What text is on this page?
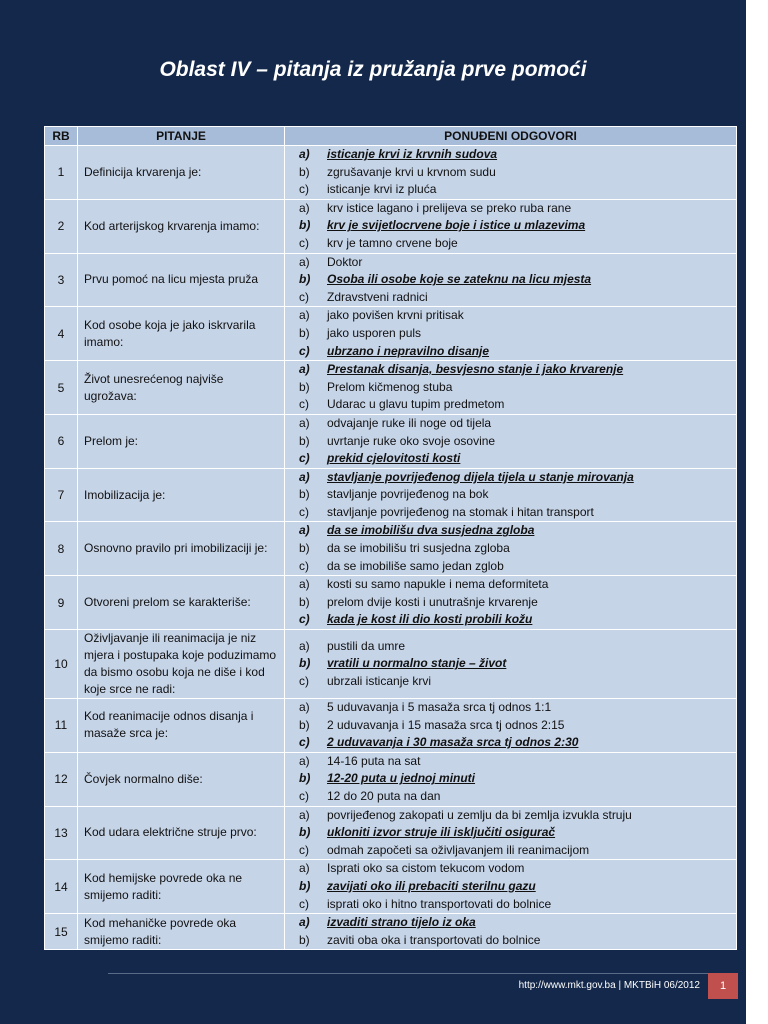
Oblast IV – pitanja iz pružanja prve pomoći
RB	PITANJE	PONUĐENI ODGOVORI
1	Definicija krvarenja je:	a) isticanje krvi iz krvnih sudova
b) zgrušavanje krvi u krvnom sudu
c) isticanje krvi iz pluća

2	Kod arterijskog krvarenja imamo:	a) krv istice lagano i prelijeva se preko ruba rane
b) krv je svijetlocrvene boje i istice u mlazevima
c) krv je tamno crvene boje

3	Prvu pomoć na licu mjesta pruža	a) Doktor
b) Osoba ili osobe koje se zateknu na licu mjesta
c) Zdravstveni radnici

4	Kod osobe koja je jako iskrvarila imamo:	a) jako povišen krvni pritisak
b) jako usporen puls
c) ubrzano i nepravilno disanje

5	Život unesrećenog najviše ugrožava:	a) Prestanak disanja, besvjesno stanje i jako krvarenje
b) Prelom kičmenog stuba
c) Udarac u glavu tupim predmetom

6	Prelom je:	a) odvajanje ruke ili noge od tijela
b) uvrtanje ruke oko svoje osovine
c) prekid cjelovitosti kosti

7	Imobilizacija je:	a) stavljanje povrijeđenog dijela tijela u stanje mirovanja
b) stavljanje povrijeđenog na bok
c) stavljanje povrijeđenog na stomak i hitan transport

8	Osnovno pravilo pri imobilizaciji je:	a) da se imobilišu dva susjedna zgloba
b) da se imobilišu tri susjedna zgloba
c) da se imobiliše samo jedan zglob

9	Otvoreni prelom se karakteriše:	a) kosti su samo napukle i nema deformiteta
b) prelom dvije kosti i unutrašnje krvarenje
c) kada je kost ili dio kosti probili kožu

10	Oživljavanje ili reanimacija je niz mjera i postupaka koje poduzimamo da bismo osobu koja ne diše i kod koje srce ne radi:	a) pustili da umre
b) vratili u normalno stanje – život
c) ubrzali isticanje krvi

11	Kod reanimacije odnos disanja i masaže srca je:	a) 5 uduvavanja i 5 masaža srca tj odnos 1:1
b) 2 uduvavanja i 15 masaža srca tj odnos 2:15
c) 2 uduvavanja i 30 masaža srca tj odnos 2:30

12	Čovjek normalno diše:	a) 14-16 puta na sat
b) 12-20 puta u jednoj minuti
c) 12 do 20 puta na dan

13	Kod udara električne struje prvo:	a) povrijeđenog zakopati u zemlju da bi zemlja izvukla struju
b) ukloniti izvor struje ili isključiti osigurač
c) odmah započeti sa oživljavanjem ili reanimacijom

14	Kod hemijske povrede oka ne smijemo raditi:	a) Isprati oko sa cistom tekucom vodom
b) zavijati oko ili prebaciti sterilnu gazu
c) isprati oko i hitno transportovati do bolnice

15	Kod mehaničke povrede oka smijemo raditi:	a) izvaditi strano tijelo iz oka
b) zaviti oba oka i transportovati do bolnice
http://www.mkt.gov.ba | MKTBiH 06/2012	1
